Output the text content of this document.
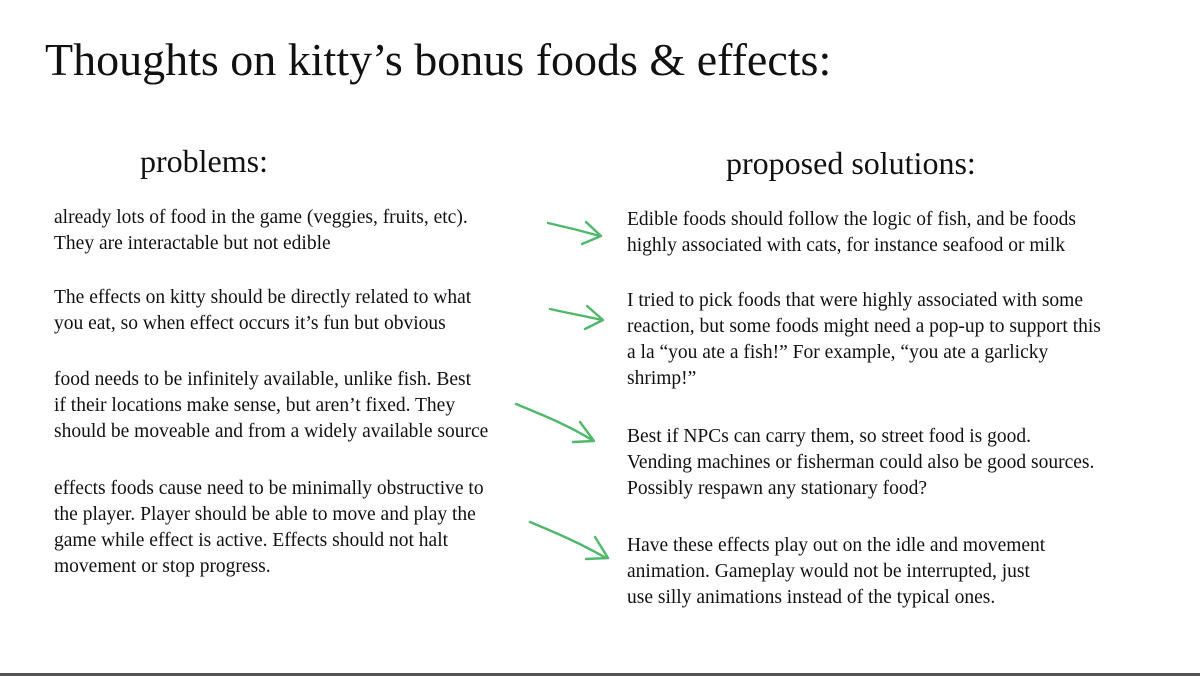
Thoughts on kitty’s bonus foods & effects:
problems:	proposed solutions:
already lots of food in the game (veggies, fruits, etc).
They are interactable but not edible
The effects on kitty should be directly related to what
you eat, so when effect occurs it’s fun but obvious
food needs to be infinitely available, unlike fish. Best
if their locations make sense, but aren’t fixed. They
should be moveable and from a widely available source
effects foods cause need to be minimally obstructive to
the player. Player should be able to move and play the
game while effect is active. Effects should not halt
movement or stop progress.
Edible foods should follow the logic of fish, and be foods
highly associated with cats, for instance seafood or milk
I tried to pick foods that were highly associated with some
reaction, but some foods might need a pop-up to support this
a la “you ate a fish!” For example, “you ate a garlicky
shrimp!”
Best if NPCs can carry them, so street food is good.
Vending machines or fisherman could also be good sources.
Possibly respawn any stationary food?
Have these effects play out on the idle and movement
animation. Gameplay would not be interrupted, just
use silly animations instead of the typical ones.
